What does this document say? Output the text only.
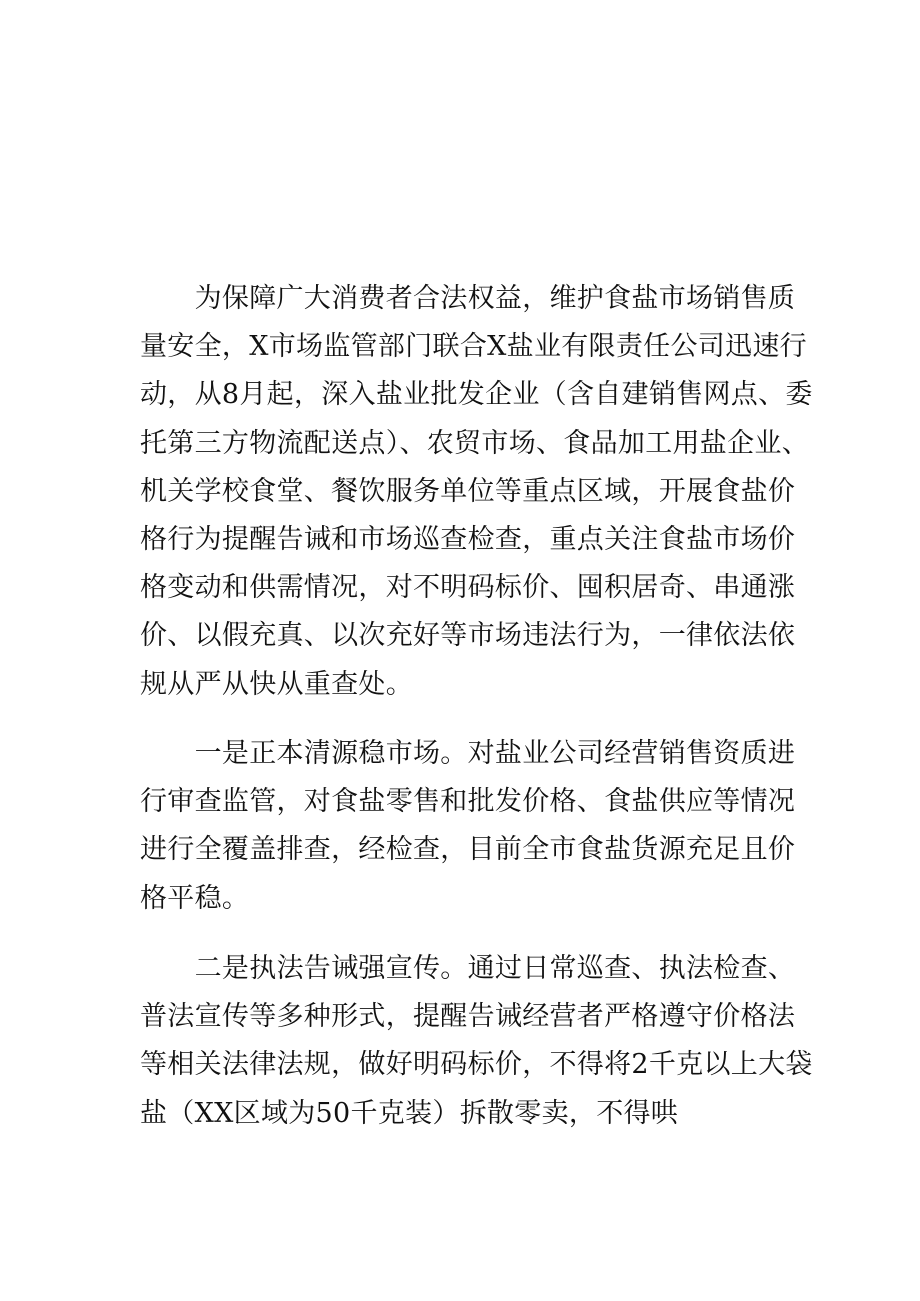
　　为保障广大消费者合法权益，维护食盐市场销售质
量安全，X市场监管部门联合X盐业有限责任公司迅速行
动，从8月起，深入盐业批发企业（含自建销售网点、委
托第三方物流配送点）、农贸市场、食品加工用盐企业、
机关学校食堂、餐饮服务单位等重点区域，开展食盐价
格行为提醒告诫和市场巡查检查，重点关注食盐市场价
格变动和供需情况，对不明码标价、囤积居奇、串通涨
价、以假充真、以次充好等市场违法行为，一律依法依
规从严从快从重查处。
　　一是正本清源稳市场。对盐业公司经营销售资质进
行审查监管，对食盐零售和批发价格、食盐供应等情况
进行全覆盖排查，经检查，目前全市食盐货源充足且价
格平稳。
　　二是执法告诫强宣传。通过日常巡查、执法检查、
普法宣传等多种形式，提醒告诫经营者严格遵守价格法
等相关法律法规，做好明码标价，不得将2千克以上大袋
盐（XX区域为50千克装）拆散零卖，不得哄
